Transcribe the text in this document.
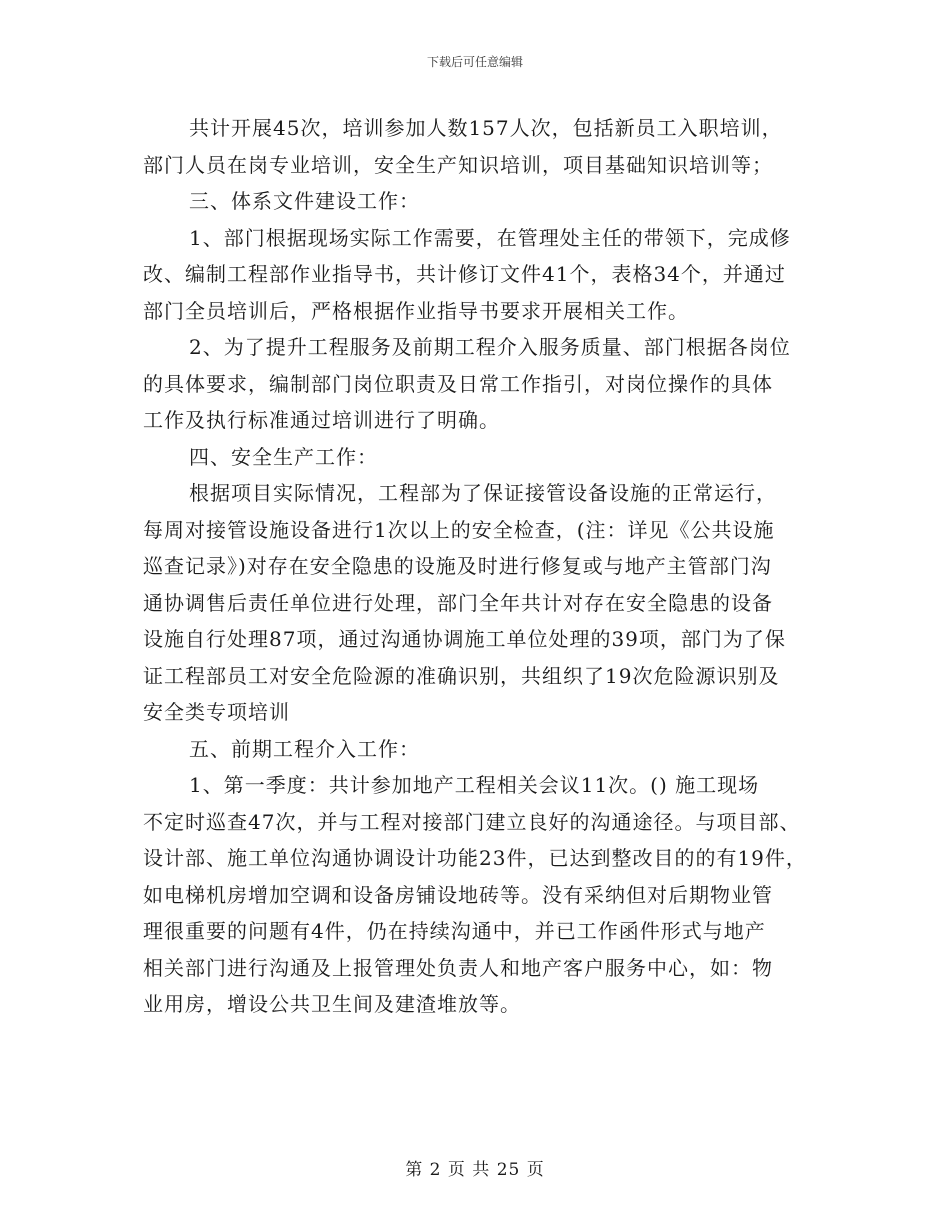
下载后可任意编辑
共计开展45次，培训参加人数157人次，包括新员工入职培训，
部门人员在岗专业培训，安全生产知识培训，项目基础知识培训等；
三、体系文件建设工作：
1、部门根据现场实际工作需要，在管理处主任的带领下，完成修
改、编制工程部作业指导书，共计修订文件41个，表格34个，并通过
部门全员培训后，严格根据作业指导书要求开展相关工作。
2、为了提升工程服务及前期工程介入服务质量、部门根据各岗位
的具体要求，编制部门岗位职责及日常工作指引，对岗位操作的具体
工作及执行标准通过培训进行了明确。
四、安全生产工作：
根据项目实际情况，工程部为了保证接管设备设施的正常运行，
每周对接管设施设备进行1次以上的安全检查，(注：详见《公共设施
巡查记录》)对存在安全隐患的设施及时进行修复或与地产主管部门沟
通协调售后责任单位进行处理，部门全年共计对存在安全隐患的设备
设施自行处理87项，通过沟通协调施工单位处理的39项，部门为了保
证工程部员工对安全危险源的准确识别，共组织了19次危险源识别及
安全类专项培训
五、前期工程介入工作：
1、第一季度：共计参加地产工程相关会议11次。() 施工现场
不定时巡查47次，并与工程对接部门建立良好的沟通途径。与项目部、
设计部、施工单位沟通协调设计功能23件，已达到整改目的的有19件，
如电梯机房增加空调和设备房铺设地砖等。没有采纳但对后期物业管
理很重要的问题有4件，仍在持续沟通中，并已工作函件形式与地产
相关部门进行沟通及上报管理处负责人和地产客户服务中心，如：物
业用房，增设公共卫生间及建渣堆放等。
第 2 页 共 25 页
